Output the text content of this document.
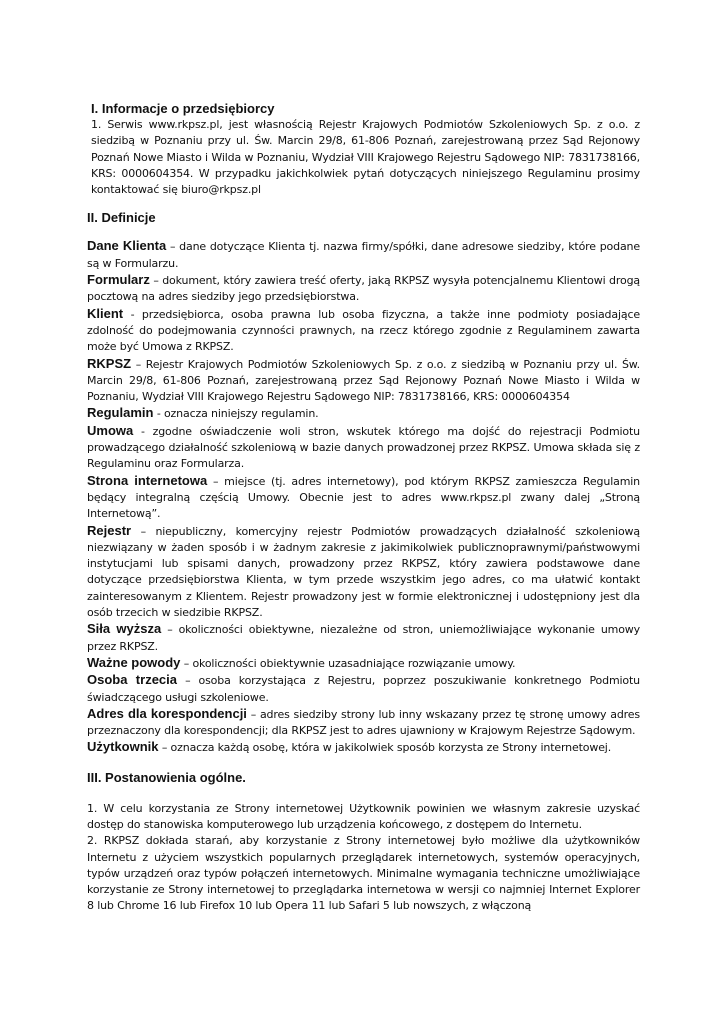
I. Informacje o przedsiębiorcy

1. Serwis www.rkpsz.pl, jest własnością Rejestr Krajowych Podmiotów Szkoleniowych Sp. z o.o. z siedzibą w Poznaniu przy ul. Św. Marcin 29/8, 61-806 Poznań, zarejestrowaną przez Sąd Rejonowy Poznań Nowe Miasto i Wilda w Poznaniu, Wydział VIII Krajowego Rejestru Sądowego NIP: 7831738166, KRS: 0000604354. W przypadku jakichkolwiek pytań dotyczących niniejszego Regulaminu prosimy kontaktować się biuro@rkpsz.pl

II. Definicje

Dane Klienta – dane dotyczące Klienta tj. nazwa firmy/spółki, dane adresowe siedziby, które podane są w Formularzu.

Formularz – dokument, który zawiera treść oferty, jaką RKPSZ wysyła potencjalnemu Klientowi drogą pocztową na adres siedziby jego przedsiębiorstwa.

Klient - przedsiębiorca, osoba prawna lub osoba fizyczna, a także inne podmioty posiadające zdolność do podejmowania czynności prawnych, na rzecz którego zgodnie z Regulaminem zawarta może być Umowa z RKPSZ.

RKPSZ – Rejestr Krajowych Podmiotów Szkoleniowych Sp. z o.o. z siedzibą w Poznaniu przy ul. Św. Marcin 29/8, 61-806 Poznań, zarejestrowaną przez Sąd Rejonowy Poznań Nowe Miasto i Wilda w Poznaniu, Wydział VIII Krajowego Rejestru Sądowego NIP: 7831738166, KRS: 0000604354

Regulamin - oznacza niniejszy regulamin.

Umowa - zgodne oświadczenie woli stron, wskutek którego ma dojść do rejestracji Podmiotu prowadzącego działalność szkoleniową w bazie danych prowadzonej przez RKPSZ. Umowa składa się z Regulaminu oraz Formularza.

Strona internetowa – miejsce (tj. adres internetowy), pod którym RKPSZ zamieszcza Regulamin będący integralną częścią Umowy. Obecnie jest to adres www.rkpsz.pl zwany dalej „Stroną Internetową”.

Rejestr – niepubliczny, komercyjny rejestr Podmiotów prowadzących działalność szkoleniową niezwiązany w żaden sposób i w żadnym zakresie z jakimikolwiek publicznoprawnymi/państwowymi instytucjami lub spisami danych, prowadzony przez RKPSZ, który zawiera podstawowe dane dotyczące przedsiębiorstwa Klienta, w tym przede wszystkim jego adres, co ma ułatwić kontakt zainteresowanym z Klientem. Rejestr prowadzony jest w formie elektronicznej i udostępniony jest dla osób trzecich w siedzibie RKPSZ.

Siła wyższa – okoliczności obiektywne, niezależne od stron, uniemożliwiające wykonanie umowy przez RKPSZ.

Ważne powody – okoliczności obiektywnie uzasadniające rozwiązanie umowy.

Osoba trzecia – osoba korzystająca z Rejestru, poprzez poszukiwanie konkretnego Podmiotu świadczącego usługi szkoleniowe.

Adres dla korespondencji – adres siedziby strony lub inny wskazany przez tę stronę umowy adres przeznaczony dla korespondencji; dla RKPSZ jest to adres ujawniony w Krajowym Rejestrze Sądowym.

Użytkownik – oznacza każdą osobę, która w jakikolwiek sposób korzysta ze Strony internetowej.

III. Postanowienia ogólne.

1. W celu korzystania ze Strony internetowej Użytkownik powinien we własnym zakresie uzyskać dostęp do stanowiska komputerowego lub urządzenia końcowego, z dostępem do Internetu.

2. RKPSZ dokłada starań, aby korzystanie z Strony internetowej było możliwe dla użytkowników Internetu z użyciem wszystkich popularnych przeglądarek internetowych, systemów operacyjnych, typów urządzeń oraz typów połączeń internetowych. Minimalne wymagania techniczne umożliwiające korzystanie ze Strony internetowej to przeglądarka internetowa w wersji co najmniej Internet Explorer 8 lub Chrome 16 lub Firefox 10 lub Opera 11 lub Safari 5 lub nowszych, z włączoną
